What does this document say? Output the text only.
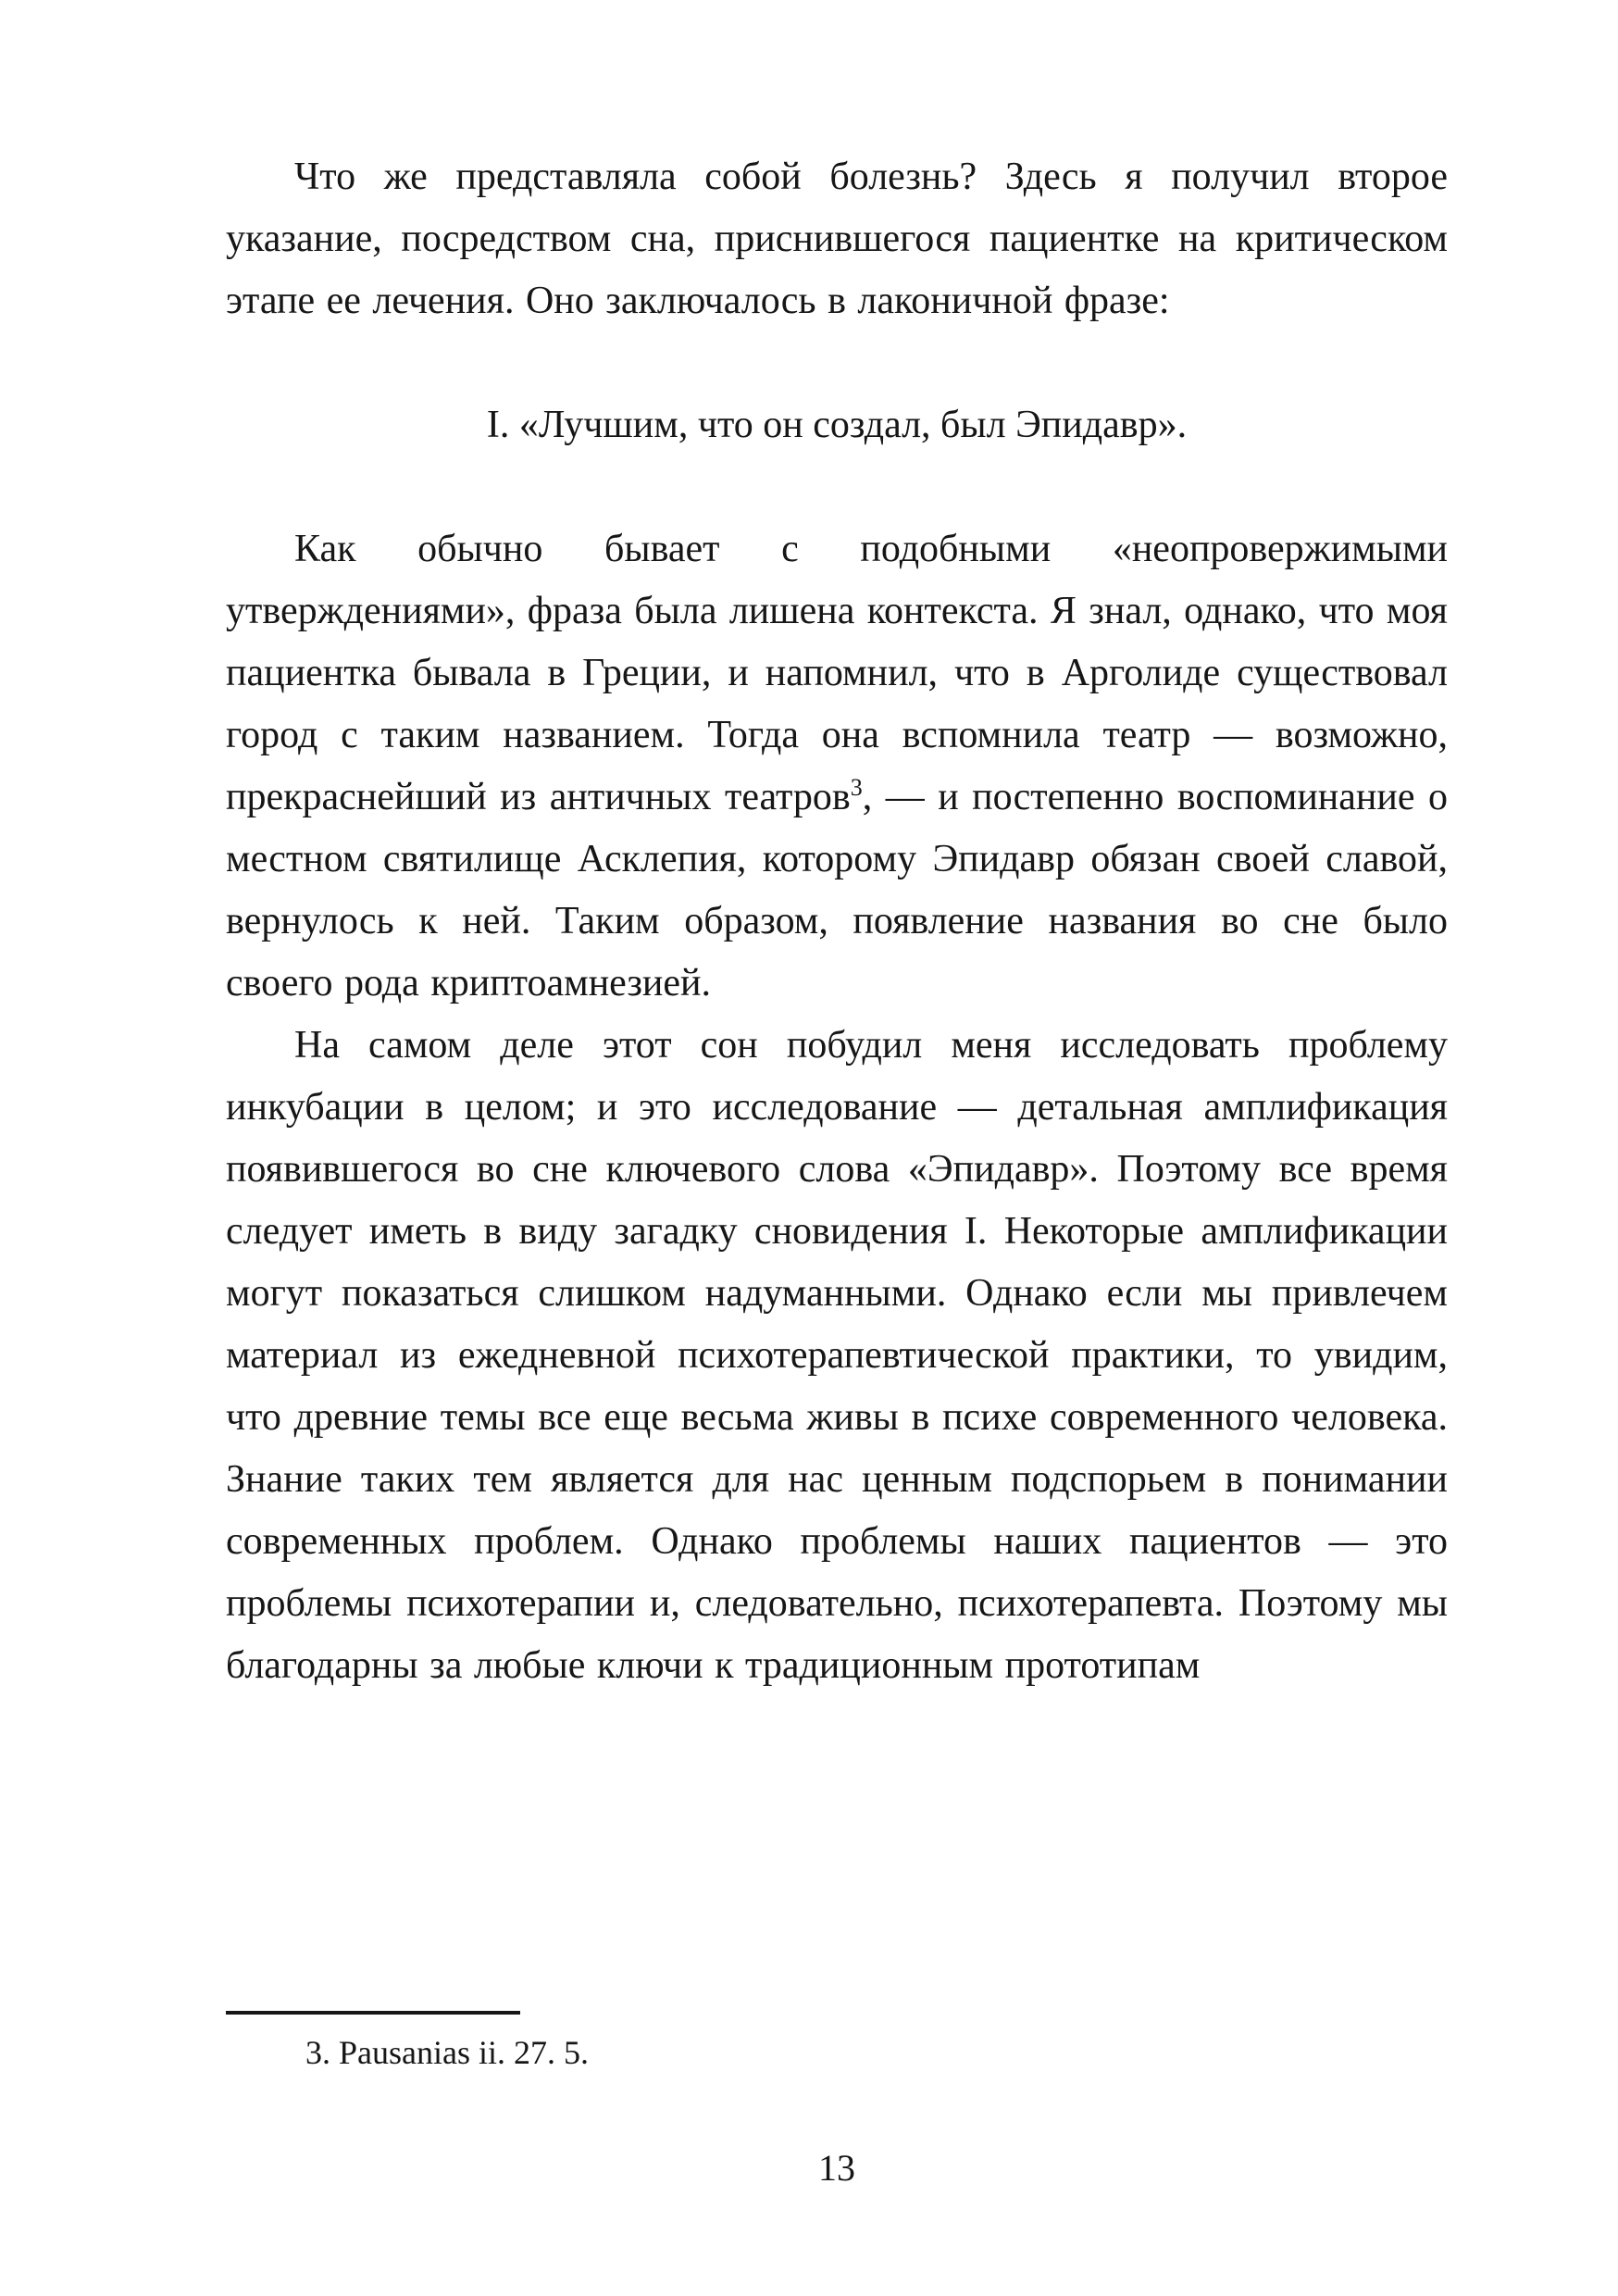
Что же представляла собой болезнь? Здесь я получил второе указание, посредством сна, приснившегося пациентке на критическом этапе ее лечения. Оно заключалось в лаконичной фразе:

I. «Лучшим, что он создал, был Эпидавр».

Как обычно бывает с подобными «неопровержимыми утверждениями», фраза была лишена контекста. Я знал, однако, что моя пациентка бывала в Греции, и напомнил, что в Арголиде существовал город с таким названием. Тогда она вспомнила театр — возможно, прекраснейший из античных театров$^3$, — и постепенно воспоминание о местном святилище Асклепия, которому Эпидавр обязан своей славой, вернулось к ней. Таким образом, появление названия во сне было своего рода криптоамнезией.

На самом деле этот сон побудил меня исследовать проблему инкубации в целом; и это исследование — детальная амплификация появившегося во сне ключевого слова «Эпидавр». Поэтому все время следует иметь в виду загадку сновидения I. Некоторые амплификации могут показаться слишком надуманными. Однако если мы привлечем материал из ежедневной психотерапевтической практики, то увидим, что древние темы все еще весьма живы в психе современного человека. Знание таких тем является для нас ценным подспорьем в понимании современных проблем. Однако проблемы наших пациентов — это проблемы психотерапии и, следовательно, психотерапевта. Поэтому мы благодарны за любые ключи к традиционным прототипам

3. Pausanias ii. 27. 5.

13
